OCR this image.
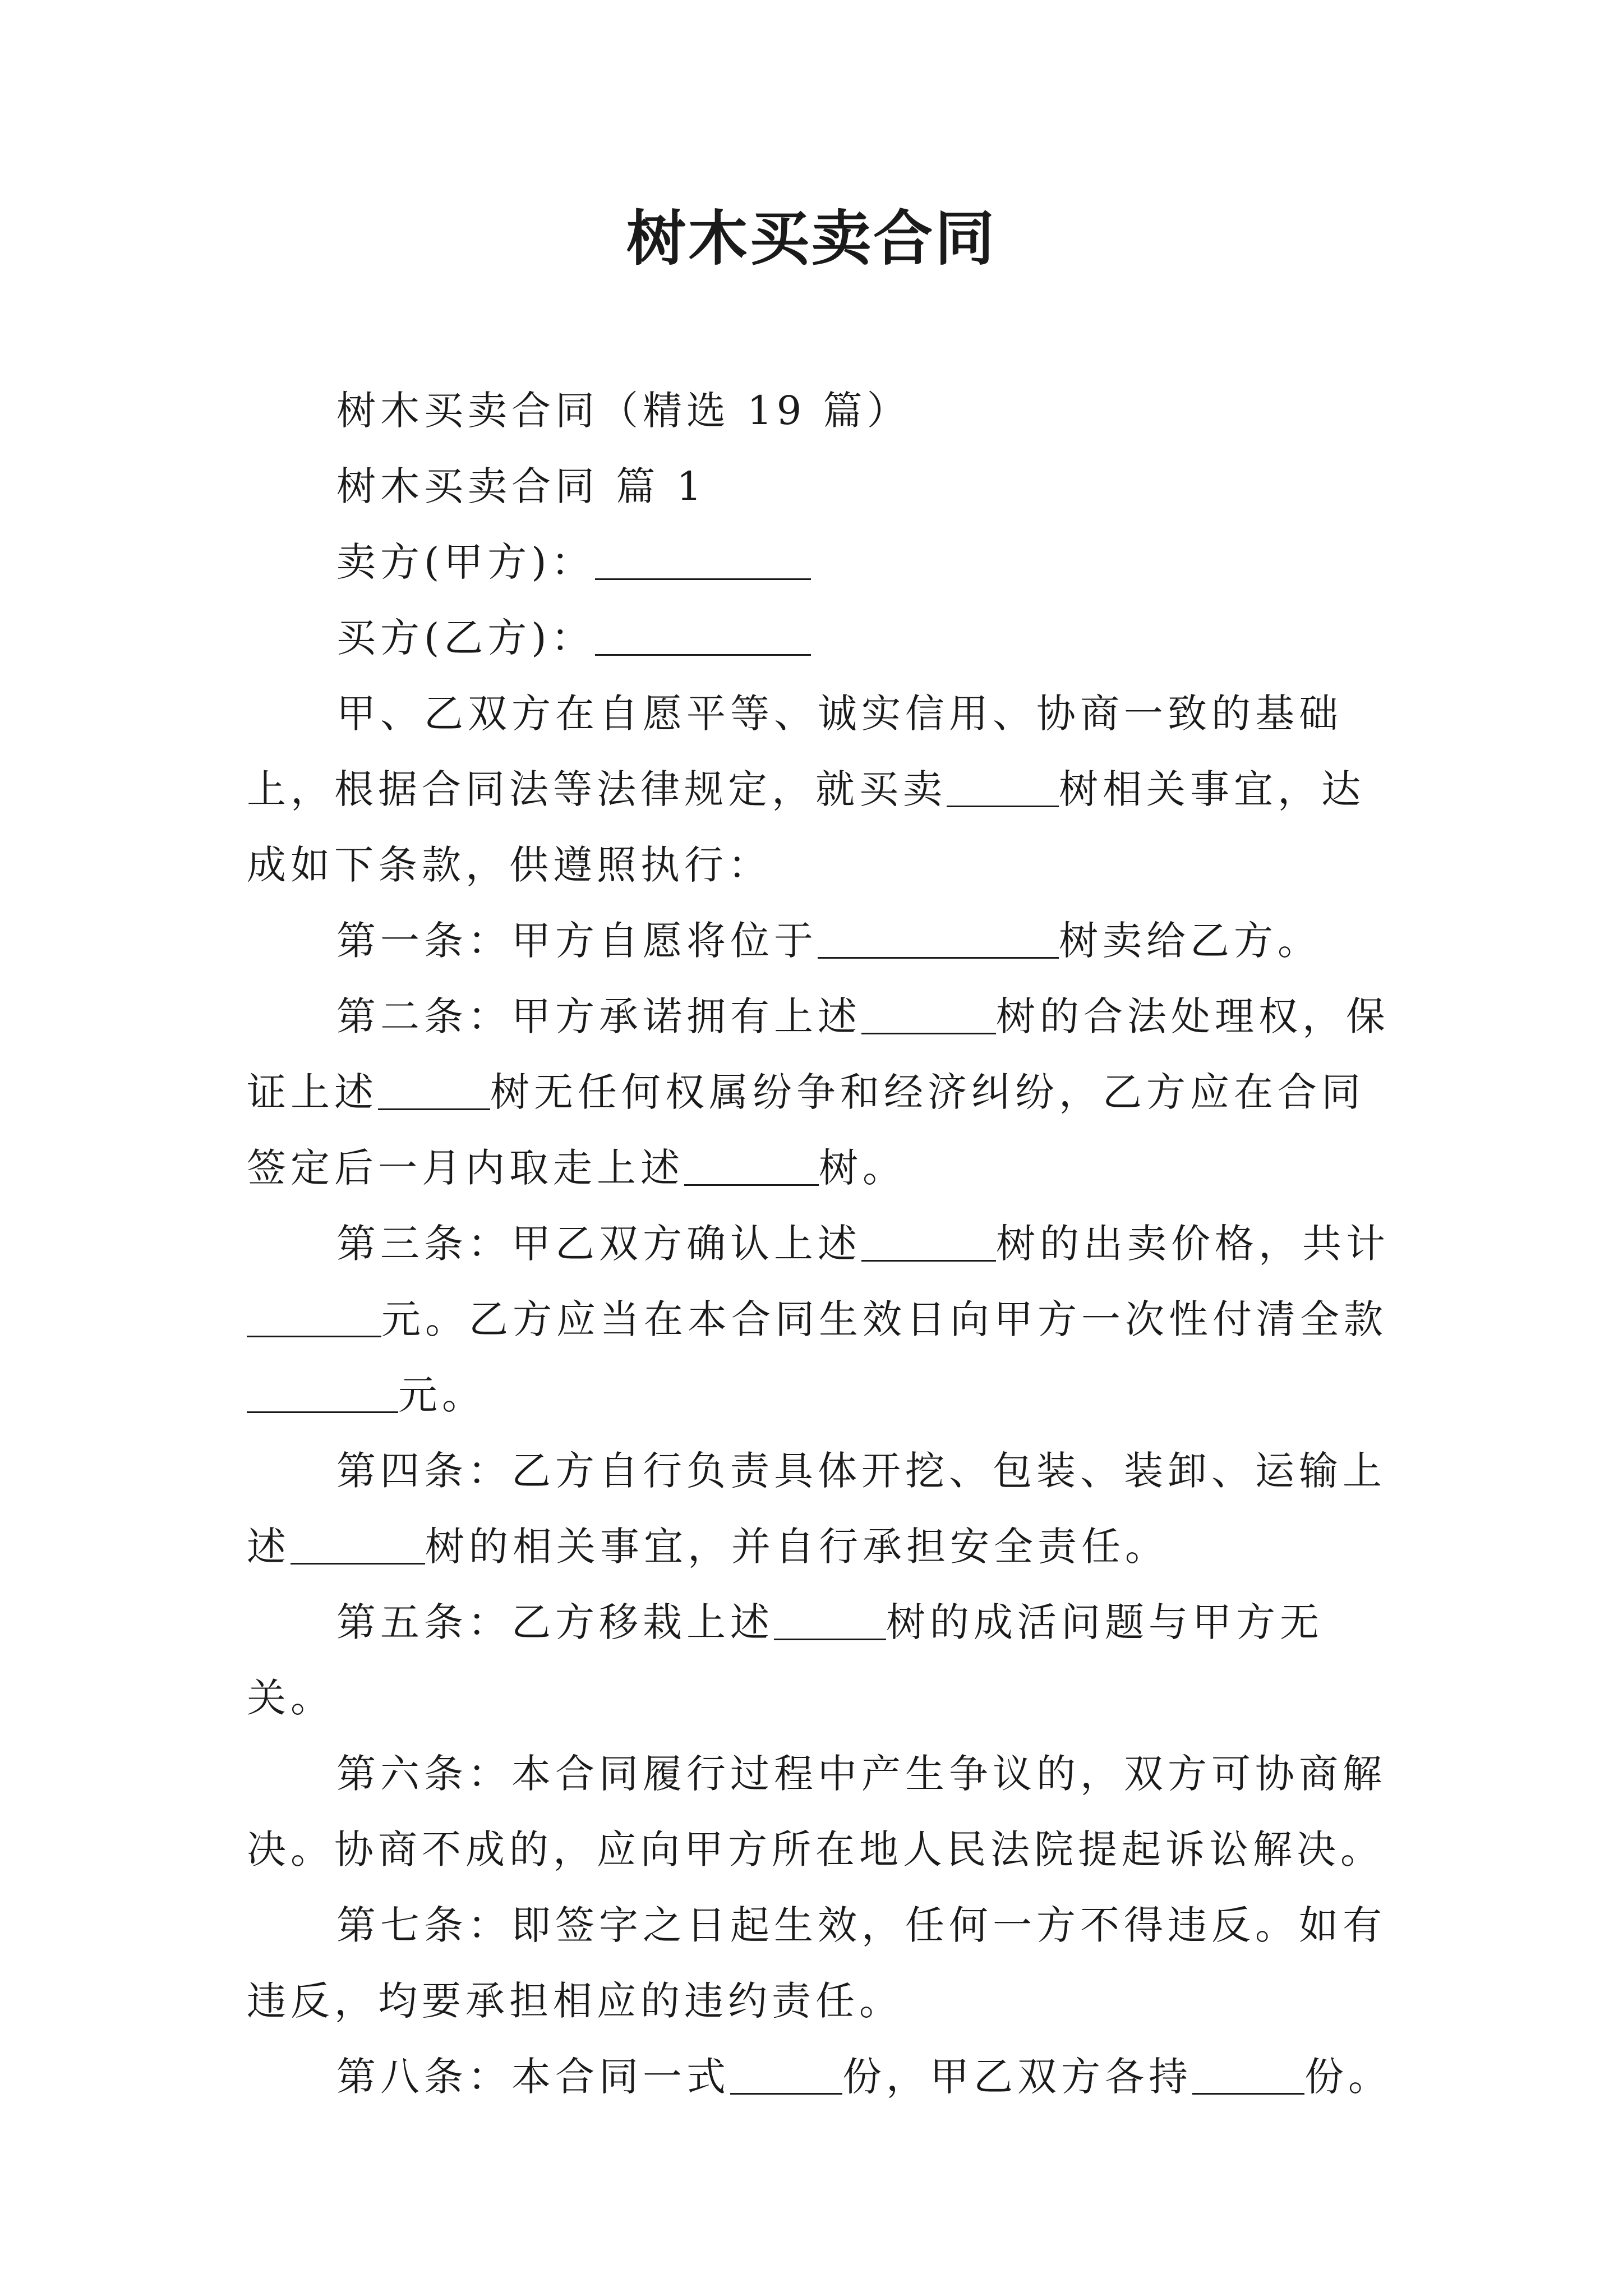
树木买卖合同

树木买卖合同（精选 19 篇）

树木买卖合同 篇 1

卖方(甲方)：

买方(乙方)：

甲、乙双方在自愿平等、诚实信用、协商一致的基础上，根据合同法等法律规定，就买卖	树相关事宜，达成如下条款，供遵照执行：

第一条：甲方自愿将位于	树卖给乙方。

第二条：甲方承诺拥有上述	树的合法处理权，保证上述	树无任何权属纷争和经济纠纷，乙方应在合同签定后一月内取走上述	树。

第三条：甲乙双方确认上述	树的出卖价格，共计元。乙方应当在本合同生效日向甲方一次性付清全款元。

第四条：乙方自行负责具体开挖、包装、装卸、运输上述	树的相关事宜，并自行承担安全责任。

第五条：乙方移栽上述	树的成活问题与甲方无关。

第六条：本合同履行过程中产生争议的，双方可协商解决。协商不成的，应向甲方所在地人民法院提起诉讼解决。

第七条：即签字之日起生效，任何一方不得违反。如有违反，均要承担相应的违约责任。

第八条：本合同一式	份，甲乙双方各持	份。
